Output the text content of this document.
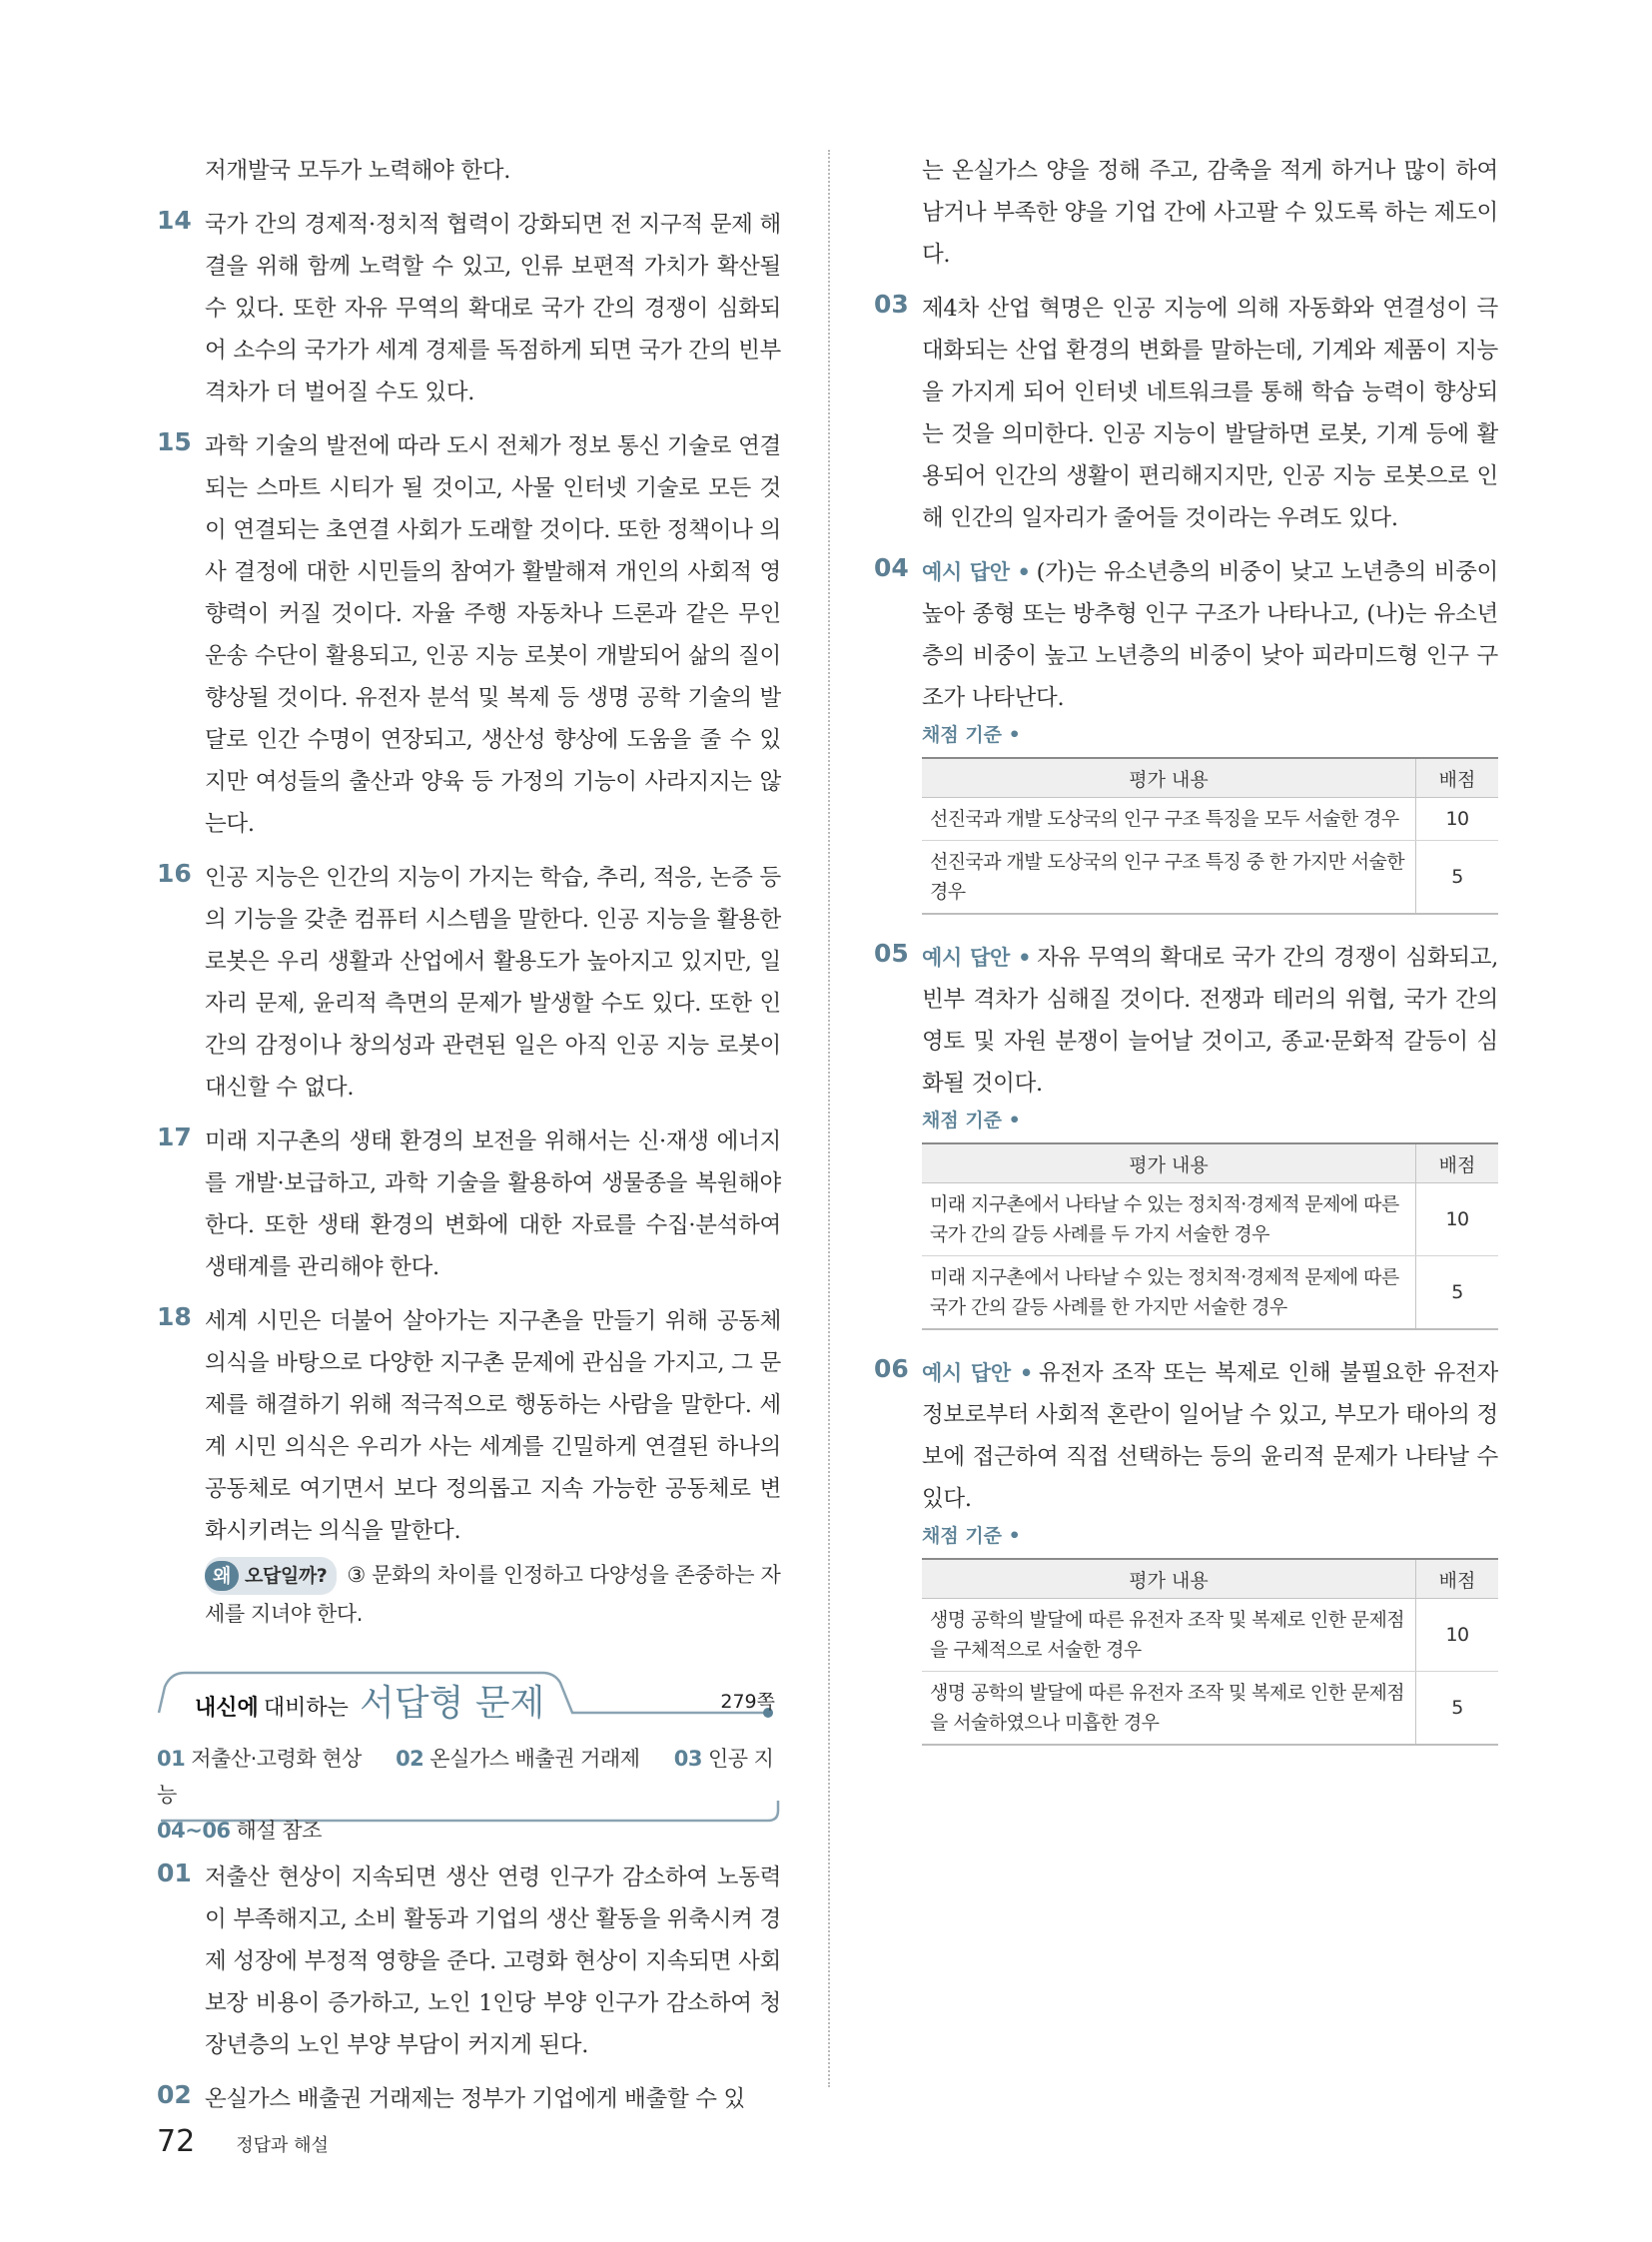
저개발국 모두가 노력해야 한다.
14 국가 간의 경제적·정치적 협력이 강화되면 전 지구적 문제 해결을 위해 함께 노력할 수 있고, 인류 보편적 가치가 확산될 수 있다. 또한 자유 무역의 확대로 국가 간의 경쟁이 심화되어 소수의 국가가 세계 경제를 독점하게 되면 국가 간의 빈부 격차가 더 벌어질 수도 있다.
15 과학 기술의 발전에 따라 도시 전체가 정보 통신 기술로 연결되는 스마트 시티가 될 것이고, 사물 인터넷 기술로 모든 것이 연결되는 초연결 사회가 도래할 것이다. 또한 정책이나 의사 결정에 대한 시민들의 참여가 활발해져 개인의 사회적 영향력이 커질 것이다. 자율 주행 자동차나 드론과 같은 무인 운송 수단이 활용되고, 인공 지능 로봇이 개발되어 삶의 질이 향상될 것이다. 유전자 분석 및 복제 등 생명 공학 기술의 발달로 인간 수명이 연장되고, 생산성 향상에 도움을 줄 수 있지만 여성들의 출산과 양육 등 가정의 기능이 사라지지는 않는다.
16 인공 지능은 인간의 지능이 가지는 학습, 추리, 적응, 논증 등의 기능을 갖춘 컴퓨터 시스템을 말한다. 인공 지능을 활용한 로봇은 우리 생활과 산업에서 활용도가 높아지고 있지만, 일자리 문제, 윤리적 측면의 문제가 발생할 수도 있다. 또한 인간의 감정이나 창의성과 관련된 일은 아직 인공 지능 로봇이 대신할 수 없다.
17 미래 지구촌의 생태 환경의 보전을 위해서는 신·재생 에너지를 개발·보급하고, 과학 기술을 활용하여 생물종을 복원해야 한다. 또한 생태 환경의 변화에 대한 자료를 수집·분석하여 생태계를 관리해야 한다.
18 세계 시민은 더불어 살아가는 지구촌을 만들기 위해 공동체 의식을 바탕으로 다양한 지구촌 문제에 관심을 가지고, 그 문제를 해결하기 위해 적극적으로 행동하는 사람을 말한다. 세계 시민 의식은 우리가 사는 세계를 긴밀하게 연결된 하나의 공동체로 여기면서 보다 정의롭고 지속 가능한 공동체로 변화시키려는 의식을 말한다.
왜 오답일까? ③ 문화의 차이를 인정하고 다양성을 존중하는 자세를 지녀야 한다.
내신에 대비하는 서답형 문제	279쪽
01 저출산·고령화 현상 02 온실가스 배출권 거래제 03 인공 지능
04~06 해설 참조
01 저출산 현상이 지속되면 생산 연령 인구가 감소하여 노동력이 부족해지고, 소비 활동과 기업의 생산 활동을 위축시켜 경제 성장에 부정적 영향을 준다. 고령화 현상이 지속되면 사회 보장 비용이 증가하고, 노인 1인당 부양 인구가 감소하여 청장년층의 노인 부양 부담이 커지게 된다.
02 온실가스 배출권 거래제는 정부가 기업에게 배출할 수 있
는 온실가스 양을 정해 주고, 감축을 적게 하거나 많이 하여 남거나 부족한 양을 기업 간에 사고팔 수 있도록 하는 제도이다.
03 제4차 산업 혁명은 인공 지능에 의해 자동화와 연결성이 극대화되는 산업 환경의 변화를 말하는데, 기계와 제품이 지능을 가지게 되어 인터넷 네트워크를 통해 학습 능력이 향상되는 것을 의미한다. 인공 지능이 발달하면 로봇, 기계 등에 활용되어 인간의 생활이 편리해지지만, 인공 지능 로봇으로 인해 인간의 일자리가 줄어들 것이라는 우려도 있다.
04 예시 답안 • (가)는 유소년층의 비중이 낮고 노년층의 비중이 높아 종형 또는 방추형 인구 구조가 나타나고, (나)는 유소년층의 비중이 높고 노년층의 비중이 낮아 피라미드형 인구 구조가 나타난다.
채점 기준 •
평가 내용	배점
선진국과 개발 도상국의 인구 구조 특징을 모두 서술한 경우	10
선진국과 개발 도상국의 인구 구조 특징 중 한 가지만 서술한 경우	5
05 예시 답안 • 자유 무역의 확대로 국가 간의 경쟁이 심화되고, 빈부 격차가 심해질 것이다. 전쟁과 테러의 위협, 국가 간의 영토 및 자원 분쟁이 늘어날 것이고, 종교·문화적 갈등이 심화될 것이다.
채점 기준 •
평가 내용	배점
미래 지구촌에서 나타날 수 있는 정치적·경제적 문제에 따른 국가 간의 갈등 사례를 두 가지 서술한 경우	10
미래 지구촌에서 나타날 수 있는 정치적·경제적 문제에 따른 국가 간의 갈등 사례를 한 가지만 서술한 경우	5
06 예시 답안 • 유전자 조작 또는 복제로 인해 불필요한 유전자 정보로부터 사회적 혼란이 일어날 수 있고, 부모가 태아의 정보에 접근하여 직접 선택하는 등의 윤리적 문제가 나타날 수 있다.
채점 기준 •
평가 내용	배점
생명 공학의 발달에 따른 유전자 조작 및 복제로 인한 문제점을 구체적으로 서술한 경우	10
생명 공학의 발달에 따른 유전자 조작 및 복제로 인한 문제점을 서술하였으나 미흡한 경우	5
72 정답과 해설
